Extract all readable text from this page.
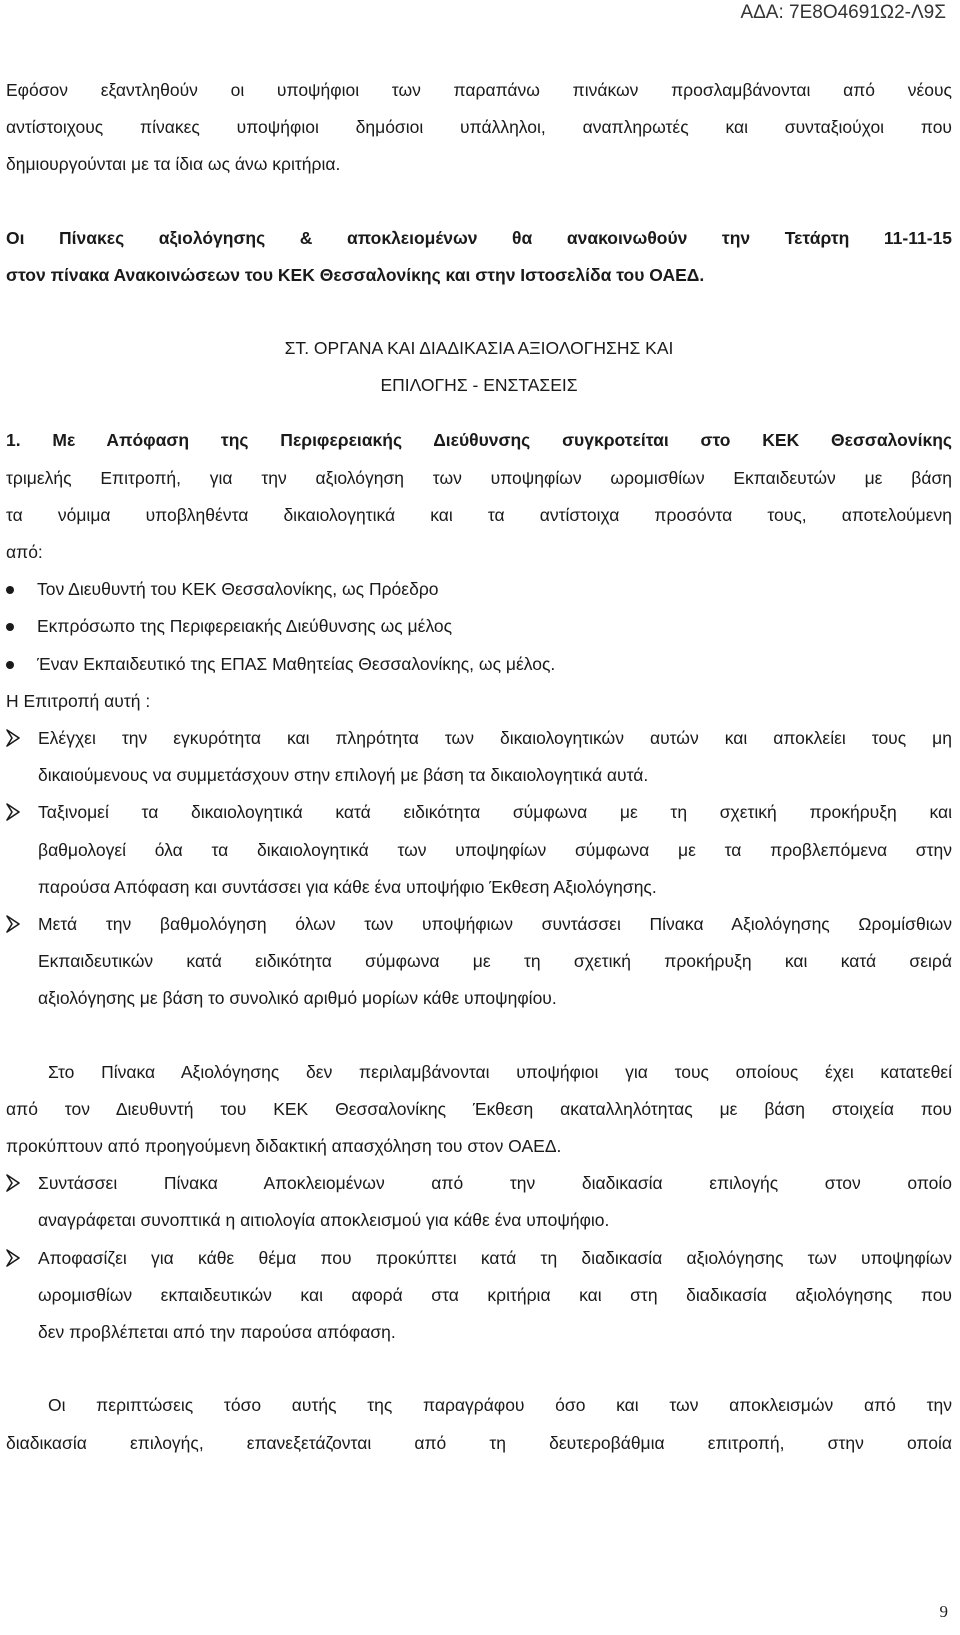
ΑΔΑ: 7Ε8Ο4691Ω2-Λ9Σ
Εφόσον εξαντληθούν οι υποψήφιοι των παραπάνω πινάκων προσλαμβάνονται από νέους
αντίστοιχους πίνακες υποψήφιοι δημόσιοι υπάλληλοι, αναπληρωτές και συνταξιούχοι που
δημιουργούνται με τα ίδια ως άνω κριτήρια.
Οι Πίνακες αξιολόγησης & αποκλειομένων θα ανακοινωθούν την Τετάρτη 11-11-15
στον πίνακα Ανακοινώσεων του ΚΕΚ Θεσσαλονίκης και στην Ιστοσελίδα του ΟΑΕΔ.
ΣΤ. ΟΡΓΑΝΑ ΚΑΙ ΔΙΑΔΙΚΑΣΙΑ ΑΞΙΟΛΟΓΗΣΗΣ ΚΑΙ
ΕΠΙΛΟΓΗΣ - ΕΝΣΤΑΣΕΙΣ
1. Με Απόφαση της Περιφερειακής Διεύθυνσης συγκροτείται στο ΚΕΚ Θεσσαλονίκης
τριμελής Επιτροπή, για την αξιολόγηση των υποψηφίων ωρομισθίων Εκπαιδευτών με βάση
τα νόμιμα υποβληθέντα δικαιολογητικά και τα αντίστοιχα προσόντα τους, αποτελούμενη
από:
Τον Διευθυντή του ΚΕΚ Θεσσαλονίκης, ως Πρόεδρο
Εκπρόσωπο της Περιφερειακής Διεύθυνσης ως μέλος
Έναν Εκπαιδευτικό της ΕΠΑΣ Μαθητείας Θεσσαλονίκης, ως μέλος.
Η Επιτροπή αυτή :
Ελέγχει την εγκυρότητα και πληρότητα των δικαιολογητικών αυτών και αποκλείει τους μη
δικαιούμενους να συμμετάσχουν στην επιλογή με βάση τα δικαιολογητικά αυτά.
Ταξινομεί τα δικαιολογητικά κατά ειδικότητα σύμφωνα με τη σχετική προκήρυξη και
βαθμολογεί όλα τα δικαιολογητικά των υποψηφίων σύμφωνα με τα προβλεπόμενα στην
παρούσα Απόφαση και συντάσσει για κάθε ένα υποψήφιο Έκθεση Αξιολόγησης.
Μετά την βαθμολόγηση όλων των υποψήφιων συντάσσει Πίνακα Αξιολόγησης Ωρομίσθιων
Εκπαιδευτικών κατά ειδικότητα σύμφωνα με τη σχετική προκήρυξη και κατά σειρά
αξιολόγησης με βάση το συνολικό αριθμό μορίων κάθε υποψηφίου.
Στο Πίνακα Αξιολόγησης δεν περιλαμβάνονται υποψήφιοι για τους οποίους έχει κατατεθεί
από τον Διευθυντή του ΚΕΚ Θεσσαλονίκης Έκθεση ακαταλληλότητας με βάση στοιχεία που
προκύπτουν από προηγούμενη διδακτική απασχόληση του στον ΟΑΕΔ.
Συντάσσει Πίνακα Αποκλειομένων από την διαδικασία επιλογής στον οποίο
αναγράφεται συνοπτικά η αιτιολογία αποκλεισμού για κάθε ένα υποψήφιο.
Αποφασίζει για κάθε θέμα που προκύπτει κατά τη διαδικασία αξιολόγησης των υποψηφίων
ωρομισθίων εκπαιδευτικών και αφορά στα κριτήρια και στη διαδικασία αξιολόγησης που
δεν προβλέπεται από την παρούσα απόφαση.
Οι περιπτώσεις τόσο αυτής της παραγράφου όσο και των αποκλεισμών από την
διαδικασία επιλογής, επανεξετάζονται από τη δευτεροβάθμια επιτροπή, στην οποία
9
